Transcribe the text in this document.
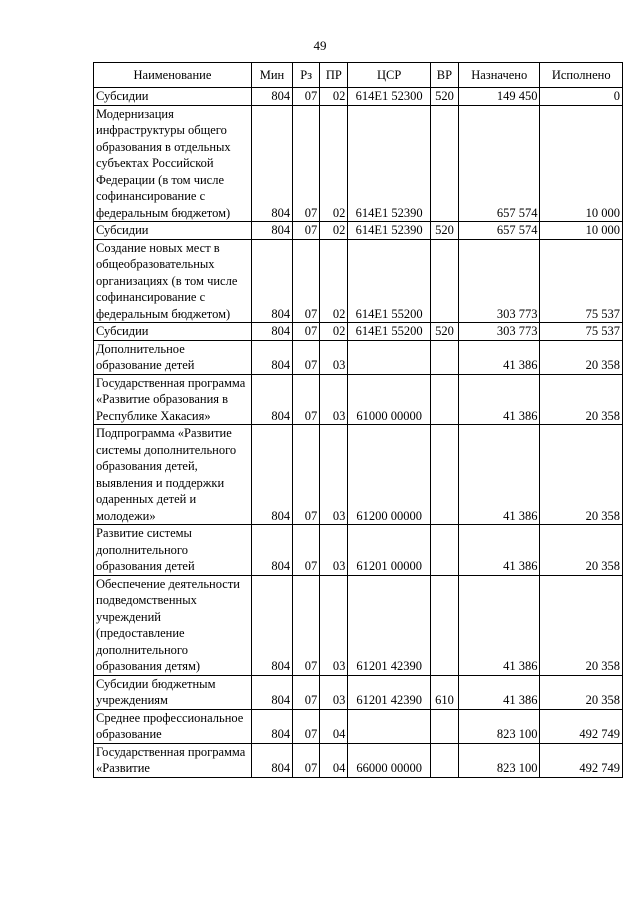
49
Наименование	Мин	Рз	ПР	ЦСР	ВР	Назначено	Исполнено
Субсидии	804	07	02	614E1 52300	520	149 450	0
Модернизация инфраструктуры общего образования в отдельных субъектах Российской Федерации (в том числе софинансирование с федеральным бюджетом)	804	07	02	614E1 52390		657 574	10 000
Субсидии	804	07	02	614E1 52390	520	657 574	10 000
Создание новых мест в общеобразовательных организациях (в том числе софинансирование с федеральным бюджетом)	804	07	02	614E1 55200		303 773	75 537
Субсидии	804	07	02	614E1 55200	520	303 773	75 537
Дополнительное образование детей	804	07	03			41 386	20 358
Государственная программа «Развитие образования в Республике Хакасия»	804	07	03	61000 00000		41 386	20 358
Подпрограмма «Развитие системы дополнительного образования детей, выявления и поддержки одаренных детей и молодежи»	804	07	03	61200 00000		41 386	20 358
Развитие системы дополнительного образования детей	804	07	03	61201 00000		41 386	20 358
Обеспечение деятельности подведомственных учреждений (предоставление дополнительного образования детям)	804	07	03	61201 42390		41 386	20 358
Субсидии бюджетным учреждениям	804	07	03	61201 42390	610	41 386	20 358
Среднее профессиональное образование	804	07	04			823 100	492 749
Государственная программа «Развитие	804	07	04	66000 00000		823 100	492 749
